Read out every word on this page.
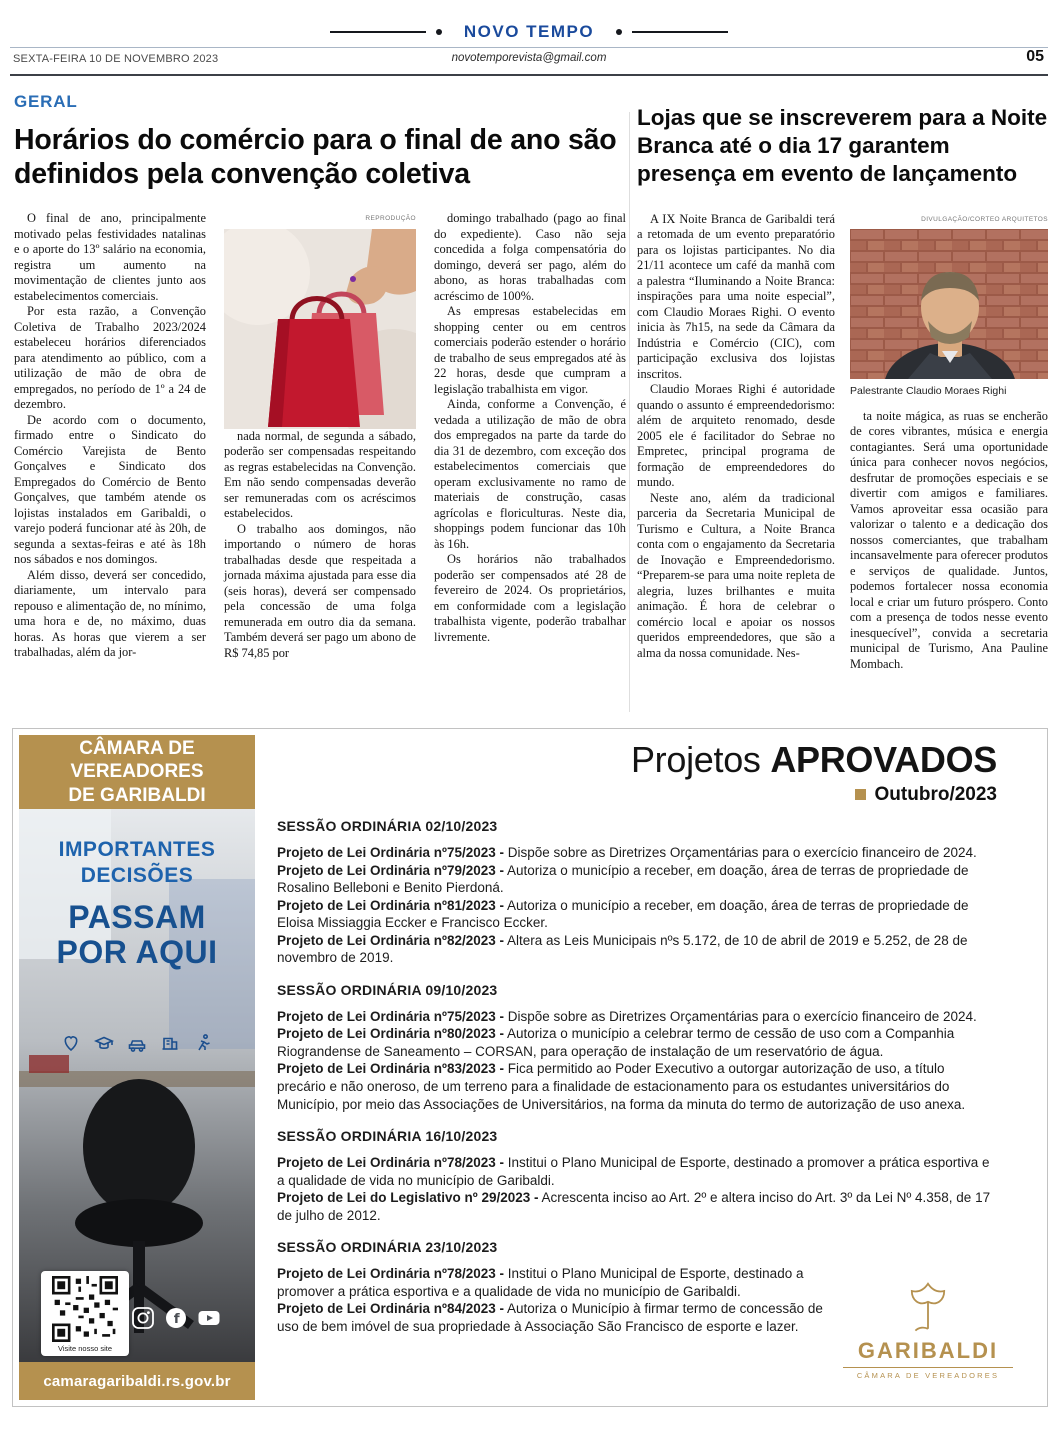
NOVO TEMPO
SEXTA-FEIRA 10 DE NOVEMBRO 2023	novotemporevista@gmail.com	05
GERAL
Horários do comércio para o final de ano são definidos pela convenção coletiva

O final de ano, principalmente motivado pelas festividades natalinas e o aporte do 13º salário na economia, registra um aumento na movimentação de clientes junto aos estabelecimentos comerciais.

Por esta razão, a Convenção Coletiva de Trabalho 2023/2024 estabeleceu horários diferenciados para atendimento ao público, com a utilização de mão de obra de empregados, no período de 1º a 24 de dezembro.

De acordo com o documento, firmado entre o Sindicato do Comércio Varejista de Bento Gonçalves e Sindicato dos Empregados do Comércio de Bento Gonçalves, que também atende os lojistas instalados em Garibaldi, o varejo poderá funcionar até às 20h, de segunda a sextas-feiras e até às 18h nos sábados e nos domingos.

Além disso, deverá ser concedido, diariamente, um intervalo para repouso e alimentação de, no mínimo, uma hora e de, no máximo, duas horas. As horas que vierem a ser trabalhadas, além da jor-

REPRODUÇÃO

nada normal, de segunda a sábado, poderão ser compensadas respeitando as regras estabelecidas na Convenção. Em não sendo compensadas deverão ser remuneradas com os acréscimos estabelecidos.

O trabalho aos domingos, não importando o número de horas trabalhadas desde que respeitada a jornada máxima ajustada para esse dia (seis horas), deverá ser compensado pela concessão de uma folga remunerada em outro dia da semana. Também deverá ser pago um abono de R$ 74,85 por

domingo trabalhado (pago ao final do expediente). Caso não seja concedida a folga compensatória do domingo, deverá ser pago, além do abono, as horas trabalhadas com acréscimo de 100%.

As empresas estabelecidas em shopping center ou em centros comerciais poderão estender o horário de trabalho de seus empregados até às 22 horas, desde que cumpram a legislação trabalhista em vigor.

Ainda, conforme a Convenção, é vedada a utilização de mão de obra dos empregados na parte da tarde do dia 31 de dezembro, com exceção dos estabelecimentos comerciais que operam exclusivamente no ramo de materiais de construção, casas agrícolas e floriculturas. Neste dia, shoppings podem funcionar das 10h às 16h.

Os horários não trabalhados poderão ser compensados até 28 de fevereiro de 2024. Os proprietários, em conformidade com a legislação trabalhista vigente, poderão trabalhar livremente.

Lojas que se inscreverem para a Noite Branca até o dia 17 garantem presença em evento de lançamento

A IX Noite Branca de Garibaldi terá a retomada de um evento preparatório para os lojistas participantes. No dia 21/11 acontece um café da manhã com a palestra “Iluminando a Noite Branca: inspirações para uma noite especial”, com Claudio Moraes Righi. O evento inicia às 7h15, na sede da Câmara da Indústria e Comércio (CIC), com participação exclusiva dos lojistas inscritos.

Claudio Moraes Righi é autoridade quando o assunto é empreendedorismo: além de arquiteto renomado, desde 2005 ele é facilitador do Sebrae no Empretec, principal programa de formação de empreendedores do mundo.

Neste ano, além da tradicional parceria da Secretaria Municipal de Turismo e Cultura, a Noite Branca conta com o engajamento da Secretaria de Inovação e Empreendedorismo. “Preparem-se para uma noite repleta de alegria, luzes brilhantes e muita animação. É hora de celebrar o comércio local e apoiar os nossos queridos empreendedores, que são a alma da nossa comunidade. Nes-

DIVULGAÇÃO/CORTEO ARQUITETOS
Palestrante Claudio Moraes Righi

ta noite mágica, as ruas se encherão de cores vibrantes, música e energia contagiantes. Será uma oportunidade única para conhecer novos negócios, desfrutar de promoções especiais e se divertir com amigos e familiares. Vamos aproveitar essa ocasião para valorizar o talento e a dedicação dos nossos comerciantes, que trabalham incansavelmente para oferecer produtos e serviços de qualidade. Juntos, podemos fortalecer nossa economia local e criar um futuro próspero. Conto com a presença de todos nesse evento inesquecível”, convida a secretaria municipal de Turismo, Ana Pauline Mombach.

CÂMARA DE VEREADORES
DE GARIBALDI
IMPORTANTES
DECISÕES
PASSAM
POR AQUI
Visite nosso site
f
camaragaribaldi.rs.gov.br
Projetos APROVADOS
Outubro/2023
SESSÃO ORDINÁRIA 02/10/2023

Projeto de Lei Ordinária nº75/2023 - Dispõe sobre as Diretrizes Orçamentárias para o exercício financeiro de 2024.

Projeto de Lei Ordinária nº79/2023 - Autoriza o município a receber, em doação, área de terras de propriedade de Rosalino Belleboni e Benito Pierdoná.

Projeto de Lei Ordinária nº81/2023 - Autoriza o município a receber, em doação, área de terras de propriedade de Eloisa Missiaggia Eccker e Francisco Eccker.

Projeto de Lei Ordinária nº82/2023 - Altera as Leis Municipais nºs 5.172, de 10 de abril de 2019 e 5.252, de 28 de novembro de 2019.

SESSÃO ORDINÁRIA 09/10/2023

Projeto de Lei Ordinária nº75/2023 - Dispõe sobre as Diretrizes Orçamentárias para o exercício financeiro de 2024.

Projeto de Lei Ordinária nº80/2023 - Autoriza o município a celebrar termo de cessão de uso com a Companhia Riograndense de Saneamento – CORSAN, para operação de instalação de um reservatório de água.

Projeto de Lei Ordinária nº83/2023 - Fica permitido ao Poder Executivo a outorgar autorização de uso, a título precário e não oneroso, de um terreno para a finalidade de estacionamento para os estudantes universitários do Município, por meio das Associações de Universitários, na forma da minuta do termo de autorização de uso anexa.

SESSÃO ORDINÁRIA 16/10/2023

Projeto de Lei Ordinária nº78/2023 - Institui o Plano Municipal de Esporte, destinado a promover a prática esportiva e a qualidade de vida no município de Garibaldi.

Projeto de Lei do Legislativo nº 29/2023 - Acrescenta inciso ao Art. 2º e altera inciso do Art. 3º da Lei Nº 4.358, de 17 de julho de 2012.

SESSÃO ORDINÁRIA 23/10/2023

Projeto de Lei Ordinária nº78/2023 - Institui o Plano Municipal de Esporte, destinado a promover a prática esportiva e a qualidade de vida no município de Garibaldi.

Projeto de Lei Ordinária nº84/2023 - Autoriza o Município à firmar termo de concessão de uso de bem imóvel de sua propriedade à Associação São Francisco de esporte e lazer.

GARIBALDI
CÂMARA DE VEREADORES
